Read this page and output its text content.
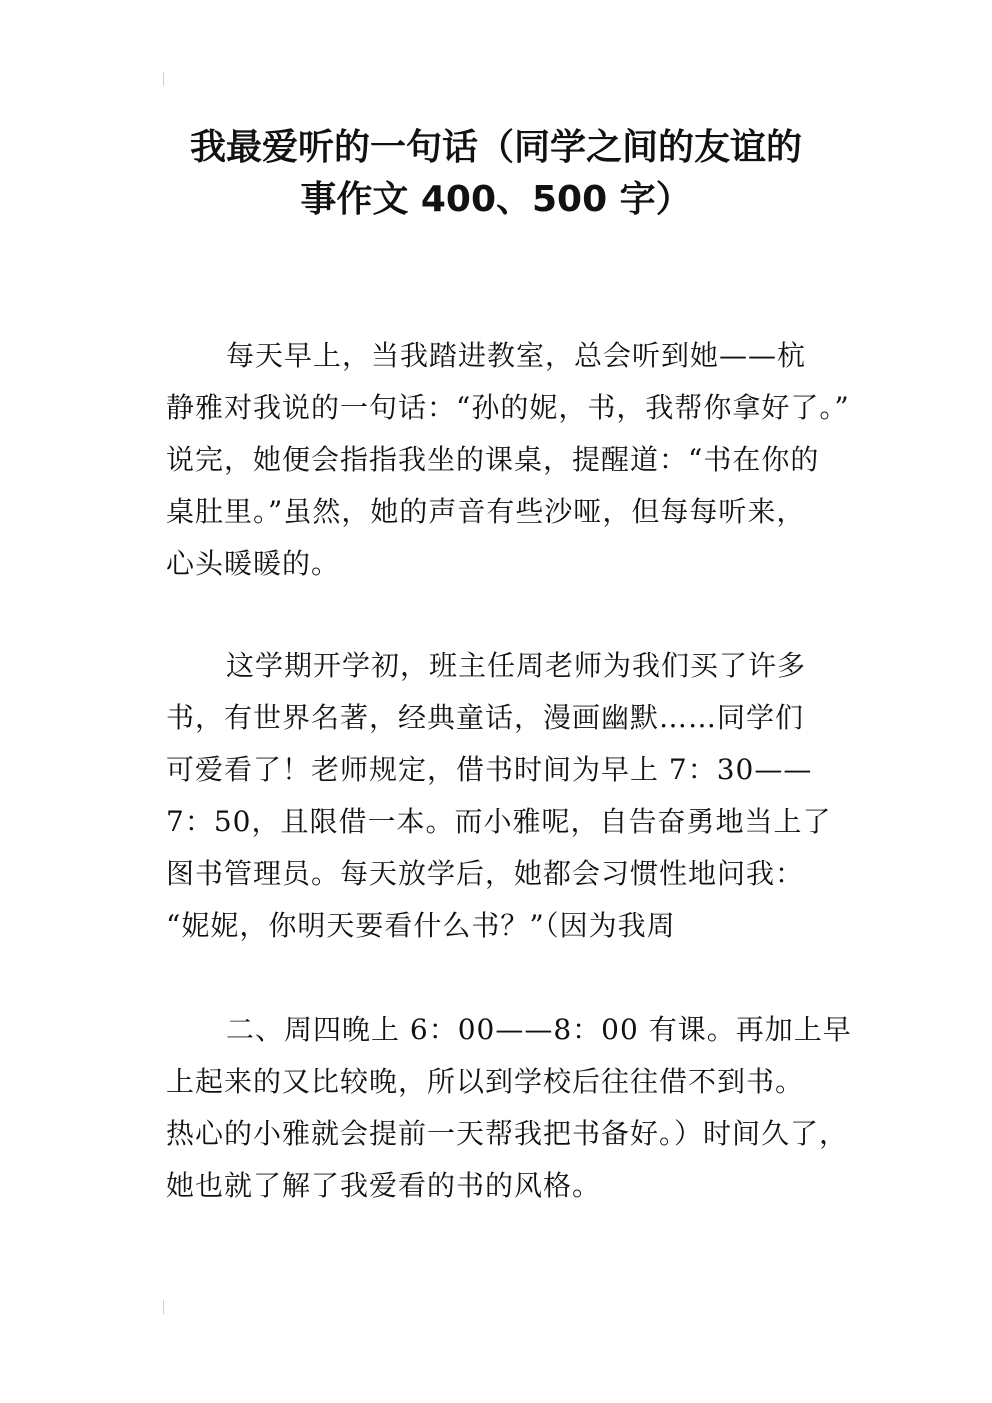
我最爱听的一句话（同学之间的友谊的
事作文 400、500 字）

每天早上，当我踏进教室，总会听到她——杭
静雅对我说的一句话：“孙的妮，书，我帮你拿好了。”
说完，她便会指指我坐的课桌，提醒道：“书在你的
桌肚里。”虽然，她的声音有些沙哑，但每每听来，
心头暖暖的。

这学期开学初，班主任周老师为我们买了许多
书，有世界名著，经典童话，漫画幽默……同学们
可爱看了！老师规定，借书时间为早上 7：30——
7：50，且限借一本。而小雅呢，自告奋勇地当上了
图书管理员。每天放学后，她都会习惯性地问我：
“妮妮，你明天要看什么书？”（因为我周

二、周四晚上 6：00——8：00 有课。再加上早
上起来的又比较晚，所以到学校后往往借不到书。
热心的小雅就会提前一天帮我把书备好。）时间久了，
她也就了解了我爱看的书的风格。
